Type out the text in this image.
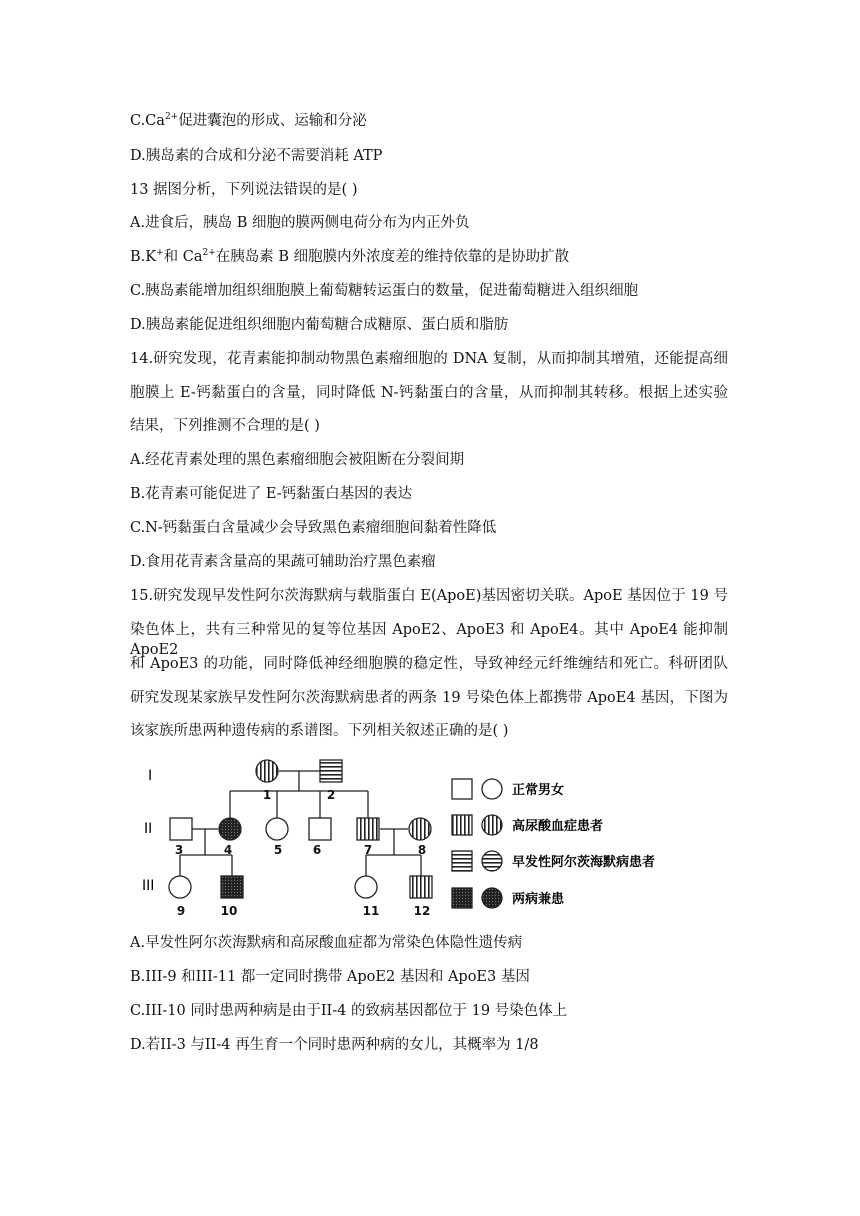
$C.Ca^{2+}$促进囊泡的形成、运输和分泌
D.胰岛素的合成和分泌不需要消耗 ATP
13 据图分析，下列说法错误的是( )
A.进食后，胰岛 B 细胞的膜两侧电荷分布为内正外负
B.K+和 $Ca^{2+}$在胰岛素 B 细胞膜内外浓度差的维持依靠的是协助扩散
C.胰岛素能增加组织细胞膜上葡萄糖转运蛋白的数量，促进葡萄糖进入组织细胞
D.胰岛素能促进组织细胞内葡萄糖合成糖原、蛋白质和脂肪
14.研究发现，花青素能抑制动物黑色素瘤细胞的 DNA 复制，从而抑制其增殖，还能提高细
胞膜上 E-钙黏蛋白的含量，同时降低 N-钙黏蛋白的含量，从而抑制其转移。根据上述实验
结果，下列推测不合理的是( )
A.经花青素处理的黑色素瘤细胞会被阻断在分裂间期
B.花青素可能促进了 E-钙黏蛋白基因的表达
C.N-钙黏蛋白含量减少会导致黑色素瘤细胞间黏着性降低
D.食用花青素含量高的果蔬可辅助治疗黑色素瘤
15.研究发现早发性阿尔茨海默病与载脂蛋白 E(ApoE)基因密切关联。ApoE 基因位于 19 号
染色体上，共有三种常见的复等位基因 ApoE2、ApoE3 和 ApoE4。其中 ApoE4 能抑制 ApoE2
和 ApoE3 的功能，同时降低神经细胞膜的稳定性，导致神经元纤维缠结和死亡。科研团队
研究发现某家族早发性阿尔茨海默病患者的两条 19 号染色体上都携带 ApoE4 基因，下图为
该家族所患两种遗传病的系谱图。下列相关叙述正确的是( )
I
II
III
1	2
3	4	5	6	7	8
9	10	11	12
正常男女
高尿酸血症患者
早发性阿尔茨海默病患者
两病兼患
A.早发性阿尔茨海默病和高尿酸血症都为常染色体隐性遗传病
B.III-9 和III-11 都一定同时携带 ApoE2 基因和 ApoE3 基因
C.III-10 同时患两种病是由于II-4 的致病基因都位于 19 号染色体上
D.若II-3 与II-4 再生育一个同时患两种病的女儿，其概率为 1/8
